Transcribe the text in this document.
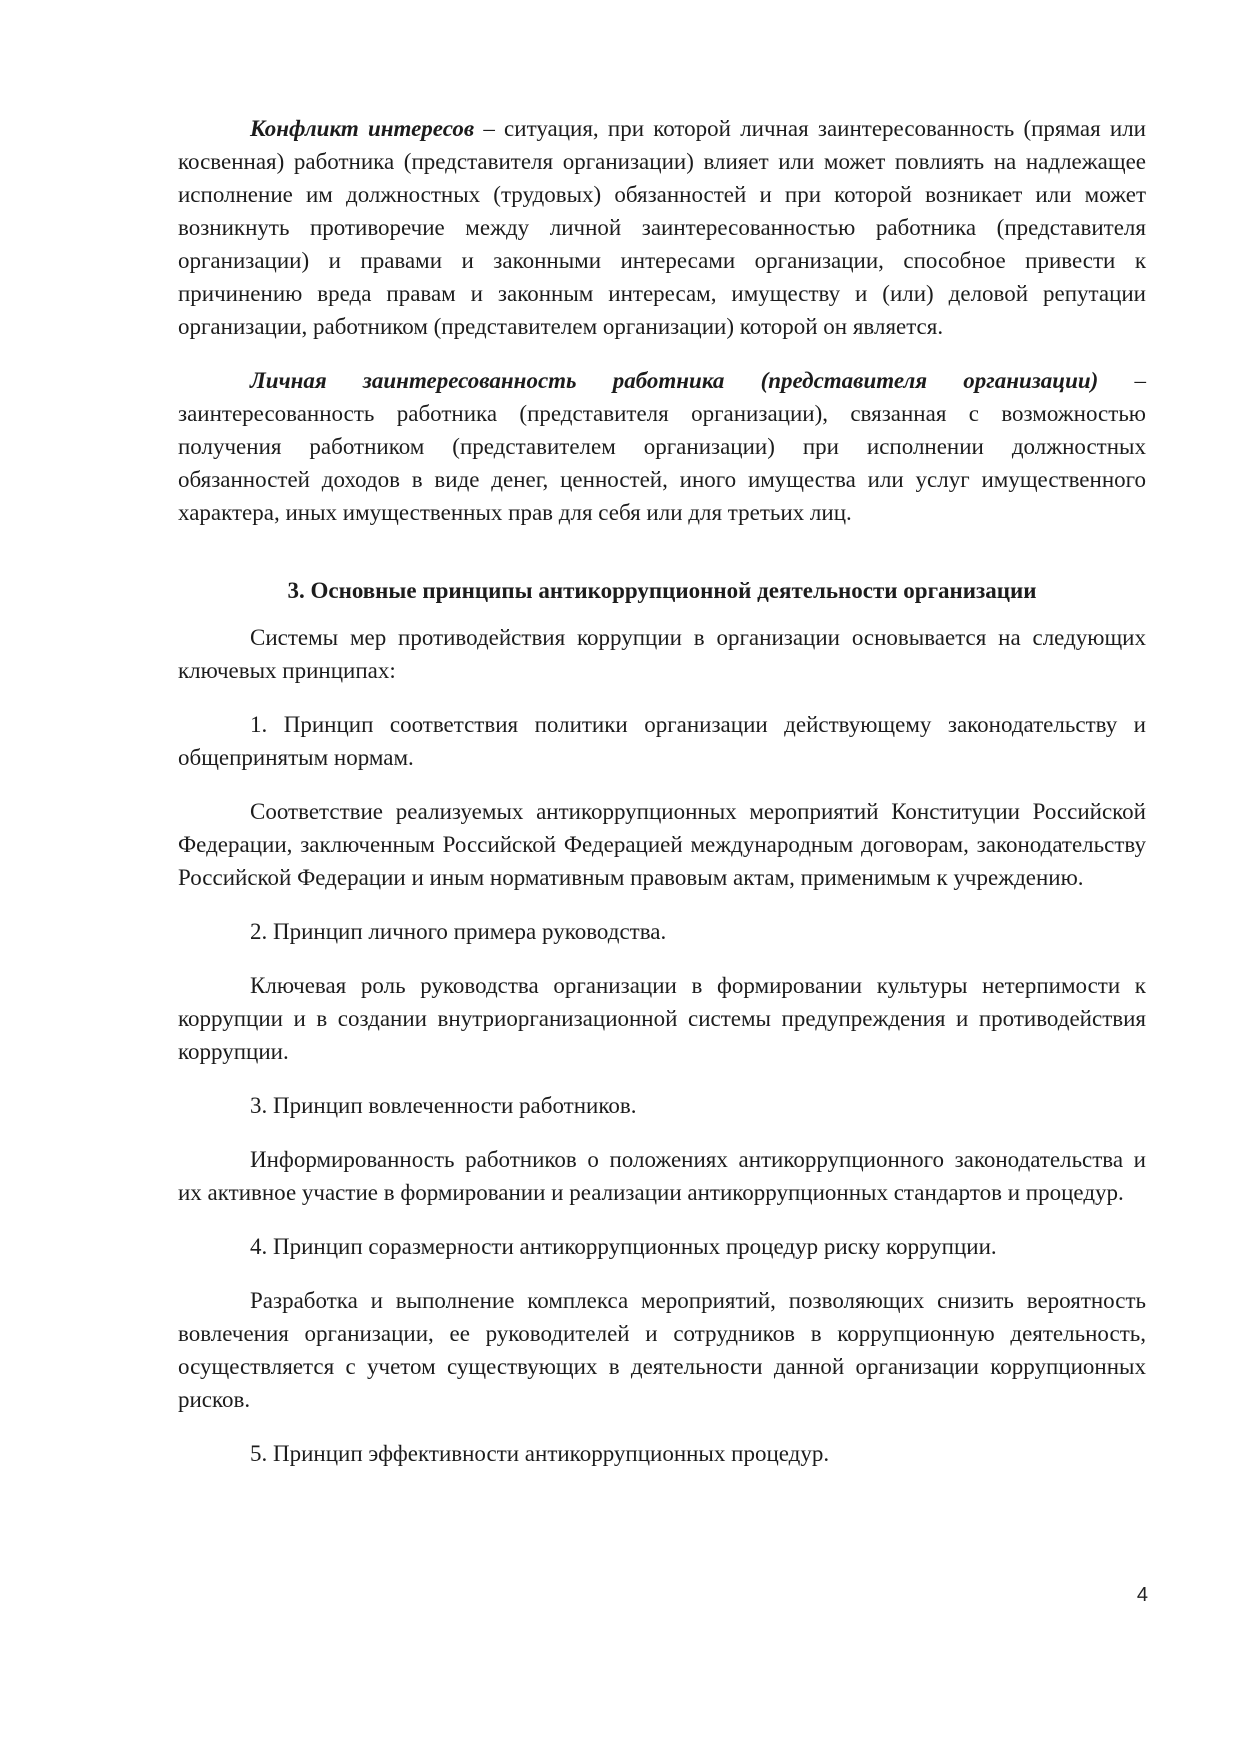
Конфликт интересов – ситуация, при которой личная заинтересованность (прямая или косвенная) работника (представителя организации) влияет или может повлиять на надлежащее исполнение им должностных (трудовых) обязанностей и при которой возникает или может возникнуть противоречие между личной заинтересованностью работника (представителя организации) и правами и законными интересами организации, способное привести к причинению вреда правам и законным интересам, имуществу и (или) деловой репутации организации, работником (представителем организации) которой он является.

Личная заинтересованность работника (представителя организации) – заинтересованность работника (представителя организации), связанная с возможностью получения работником (представителем организации) при исполнении должностных обязанностей доходов в виде денег, ценностей, иного имущества или услуг имущественного характера, иных имущественных прав для себя или для третьих лиц.

3. Основные принципы антикоррупционной деятельности организации

Системы мер противодействия коррупции в организации основывается на следующих ключевых принципах:

1. Принцип соответствия политики организации действующему законодательству и общепринятым нормам.

Соответствие реализуемых антикоррупционных мероприятий Конституции Российской Федерации, заключенным Российской Федерацией международным договорам, законодательству Российской Федерации и иным нормативным правовым актам, применимым к учреждению.

2. Принцип личного примера руководства.

Ключевая роль руководства организации в формировании культуры нетерпимости к коррупции и в создании внутриорганизационной системы предупреждения и противодействия коррупции.

3. Принцип вовлеченности работников.

Информированность работников о положениях антикоррупционного законодательства и их активное участие в формировании и реализации антикоррупционных стандартов и процедур.

4. Принцип соразмерности антикоррупционных процедур риску коррупции.

Разработка и выполнение комплекса мероприятий, позволяющих снизить вероятность вовлечения организации, ее руководителей и сотрудников в коррупционную деятельность, осуществляется с учетом существующих в деятельности данной организации коррупционных рисков.

5. Принцип эффективности антикоррупционных процедур.

4
